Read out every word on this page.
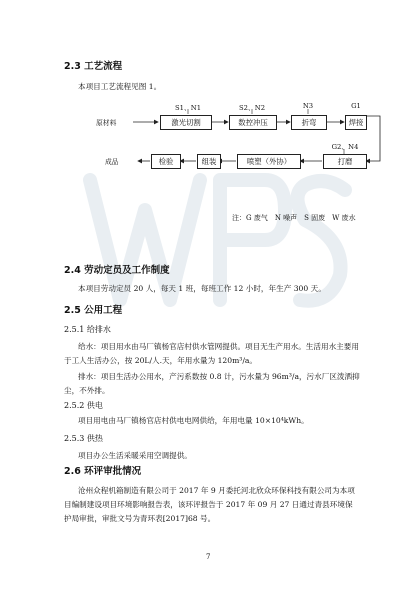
2.3 工艺流程
本项目工艺流程见图 1。
原材料
S1、N1
激光切割
S2、N2
数控冲压
N3
折弯
G1
焊接
成品	检验	组装	喷塑（外协）
G2、N4
打磨
注：G 废气　N 噪声　S 固废　W 废水
2.4 劳动定员及工作制度
本项目劳动定员 20 人，每天 1 班，每班工作 12 小时，年生产 300 天。
2.5 公用工程
2.5.1 给排水
给水：项目用水由马厂镇杨官店村供水管网提供。项目无生产用水。生活用水主要用于工人生活办公，按 20L/人.天，年用水量为 120m³/a。
排水：项目生活办公用水，产污系数按 0.8 计，污水量为 96m³/a，污水厂区泼洒抑尘，不外排。
2.5.2 供电
项目用电由马厂镇杨官店村供电电网供给，年用电量 10×10⁴kWh。
2.5.3 供热
项目办公生活采暖采用空调提供。
2.6 环评审批情况
沧州众程机箱制造有限公司于 2017 年 9 月委托河北欣众环保科技有限公司为本项目编制建设项目环境影响报告表，该环评报告于 2017 年 09 月 27 日通过青县环境保护局审批，审批文号为青环表[2017]68 号。
7
